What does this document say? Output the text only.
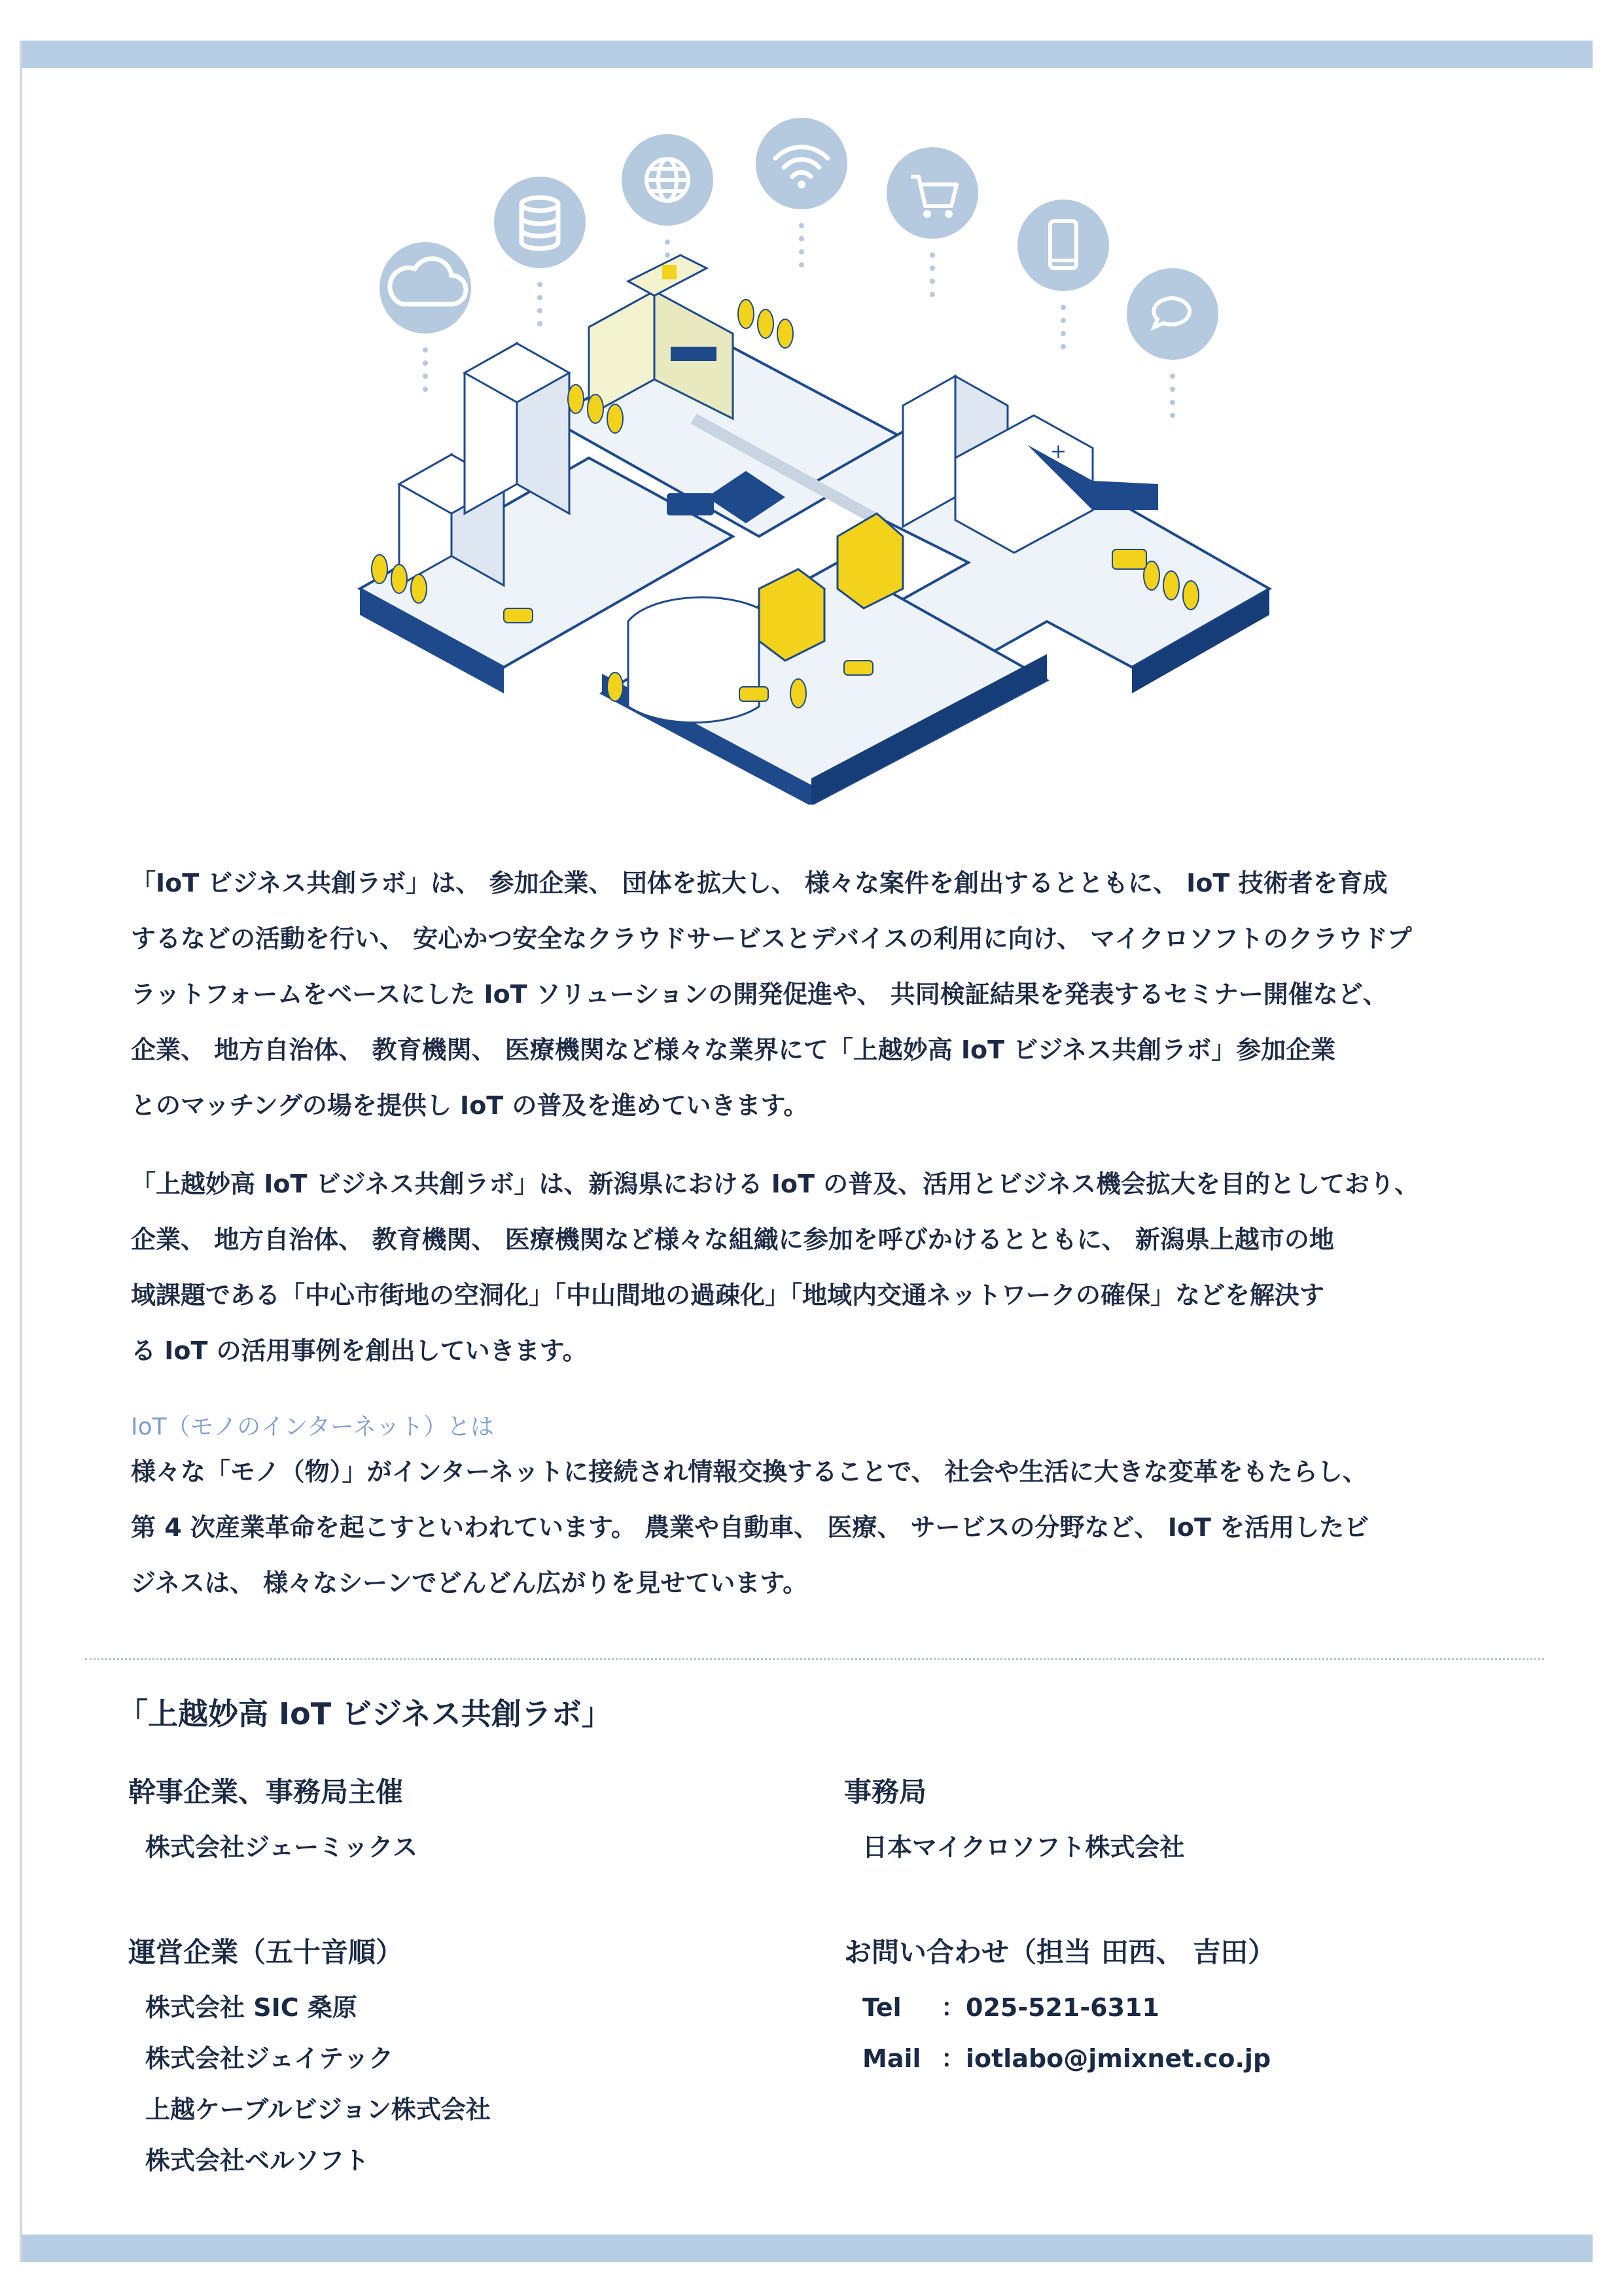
+
「IoT ビジネス共創ラボ」は、 参加企業、 団体を拡大し、 様々な案件を創出するとともに、 IoT 技術者を育成
するなどの活動を行い、 安心かつ安全なクラウドサービスとデバイスの利用に向け、 マイクロソフトのクラウドプ
ラットフォームをベースにした IoT ソリューションの開発促進や、 共同検証結果を発表するセミナー開催など、
企業、 地方自治体、 教育機関、 医療機関など様々な業界にて「上越妙高 IoT ビジネス共創ラボ」参加企業
とのマッチングの場を提供し IoT の普及を進めていきます。
「上越妙高 IoT ビジネス共創ラボ」は、新潟県における IoT の普及、活用とビジネス機会拡大を目的としており、
企業、 地方自治体、 教育機関、 医療機関など様々な組織に参加を呼びかけるとともに、 新潟県上越市の地
域課題である「中心市街地の空洞化」「中山間地の過疎化」「地域内交通ネットワークの確保」などを解決す
る IoT の活用事例を創出していきます。
IoT（モノのインターネット）とは
様々な「モノ（物）」がインターネットに接続され情報交換することで、 社会や生活に大きな変革をもたらし、
第 4 次産業革命を起こすといわれています。 農業や自動車、 医療、 サービスの分野など、 IoT を活用したビ
ジネスは、 様々なシーンでどんどん広がりを見せています。
「上越妙高 IoT ビジネス共創ラボ」
幹事企業、事務局主催
株式会社ジェーミックス
運営企業（五十音順）
株式会社 SIC 桑原
株式会社ジェイテック
上越ケーブルビジョン株式会社
株式会社ベルソフト
事務局
日本マイクロソフト株式会社
お問い合わせ（担当 田西、 吉田）
Tel	：025-521-6311
Mail ：iotlabo@jmixnet.co.jp
